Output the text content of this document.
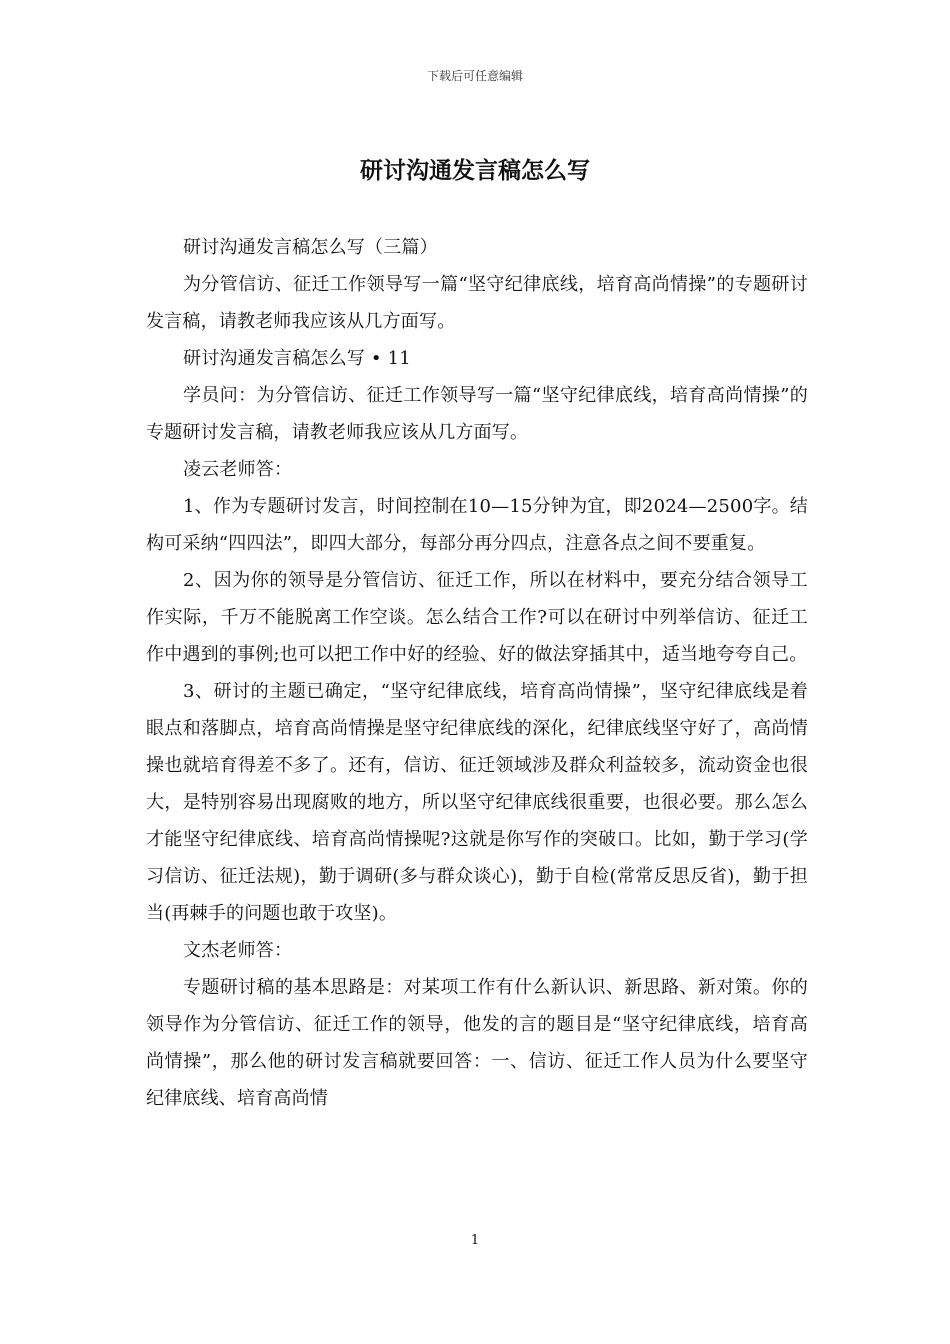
下载后可任意编辑
研讨沟通发言稿怎么写

研讨沟通发言稿怎么写（三篇）

为分管信访、征迁工作领导写一篇“坚守纪律底线，培育高尚情操”的专题研讨发言稿，请教老师我应该从几方面写。

研讨沟通发言稿怎么写 • 11

学员问：为分管信访、征迁工作领导写一篇“坚守纪律底线，培育高尚情操”的专题研讨发言稿，请教老师我应该从几方面写。

凌云老师答：

1、作为专题研讨发言，时间控制在10—15分钟为宜，即2024—2500字。结构可采纳“四四法”，即四大部分，每部分再分四点，注意各点之间不要重复。

2、因为你的领导是分管信访、征迁工作，所以在材料中，要充分结合领导工作实际，千万不能脱离工作空谈。怎么结合工作?可以在研讨中列举信访、征迁工作中遇到的事例;也可以把工作中好的经验、好的做法穿插其中，适当地夸夸自己。

3、研讨的主题已确定，“坚守纪律底线，培育高尚情操”，坚守纪律底线是着眼点和落脚点，培育高尚情操是坚守纪律底线的深化，纪律底线坚守好了，高尚情操也就培育得差不多了。还有，信访、征迁领域涉及群众利益较多，流动资金也很大，是特别容易出现腐败的地方，所以坚守纪律底线很重要，也很必要。那么怎么才能坚守纪律底线、培育高尚情操呢?这就是你写作的突破口。比如，勤于学习(学习信访、征迁法规)，勤于调研(多与群众谈心)，勤于自检(常常反思反省)，勤于担当(再棘手的问题也敢于攻坚)。

文杰老师答：

专题研讨稿的基本思路是：对某项工作有什么新认识、新思路、新对策。你的领导作为分管信访、征迁工作的领导，他发的言的题目是“坚守纪律底线，培育高尚情操”，那么他的研讨发言稿就要回答：一、信访、征迁工作人员为什么要坚守纪律底线、培育高尚情

1
